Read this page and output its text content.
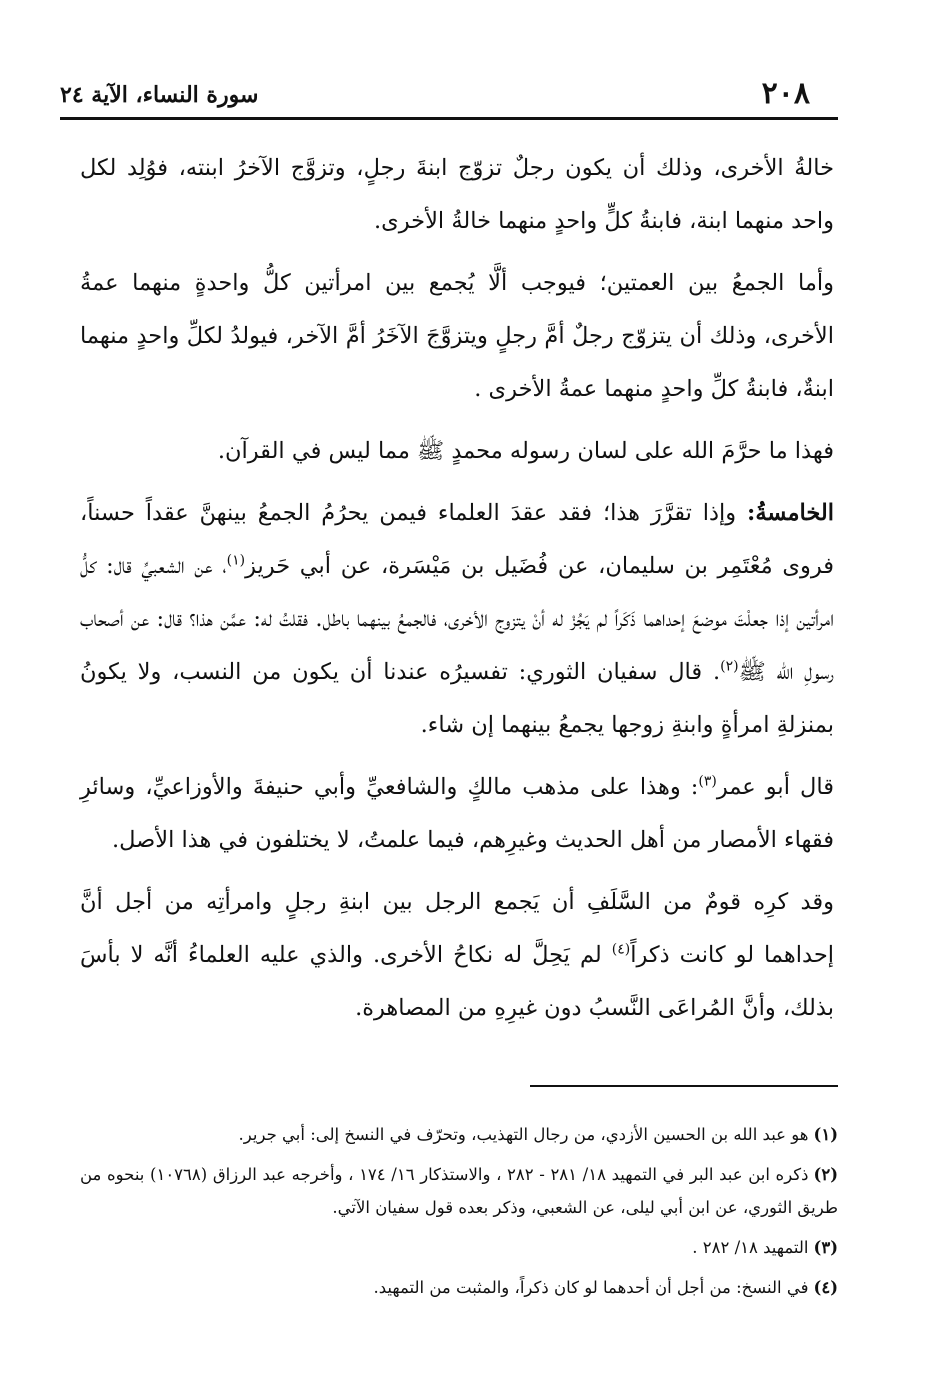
٢٠٨
سورة النساء، الآية ٢٤

خالةُ الأخرى، وذلك أن يكون رجلٌ تزوّج ابنةَ رجلٍ، وتزوَّج الآخرُ ابنته، فوُلِد لكل واحد منهما ابنة، فابنةُ كلٍّ واحدٍ منهما خالةُ الأخرى.

وأما الجمعُ بين العمتين؛ فيوجب ألَّا يُجمع بين امرأتين كلُّ واحدةٍ منهما عمةُ الأخرى، وذلك أن يتزوّج رجلٌ أمَّ رجلٍ ويتزوَّجَ الآخَرُ أمَّ الآخر، فيولدُ لكلِّ واحدٍ منهما ابنةٌ، فابنةُ كلِّ واحدٍ منهما عمةُ الأخرى .

فهذا ما حرَّمَ الله على لسان رسوله محمدٍ ﷺ مما ليس في القرآن.

الخامسةُ: وإذا تقرَّرَ هذا؛ فقد عقدَ العلماء فيمن يحرُمُ الجمعُ بينهنَّ عقداً حسناً، فروى مُعْتَمِر بن سليمان، عن فُضَيل بن مَيْسَرة، عن أبي حَريز$^{(١)}$، عن الشعبيِّ قال: كلُّ امرأتين إذا جعلْتَ موضعَ إحداهما ذَكَراً لم يَجُزْ له أنْ يتزوج الأخرى، فالجمعُ بينهما باطل. فقلتُ له: عمَّن هذا؟ قال: عن أصحاب رسولِ الله ﷺ$^{(٢)}$. قال سفيان الثوري: تفسيرُه عندنا أن يكون من النسب، ولا يكونُ بمنزلةِ امرأةٍ وابنةِ زوجها يجمعُ بينهما إن شاء.

قال أبو عمر$^{(٣)}$: وهذا على مذهب مالكٍ والشافعيِّ وأبي حنيفةَ والأوزاعيِّ، وسائرِ فقهاء الأمصار من أهل الحديث وغيرِهم، فيما علمتُ، لا يختلفون في هذا الأصل.

وقد كرِه قومٌ من السَّلَفِ أن يَجمع الرجل بين ابنةِ رجلٍ وامرأتِه من أجل أنَّ إحداهما لو كانت ذكراً$^{(٤)}$ لم يَحِلَّ له نكاحُ الأخرى. والذي عليه العلماءُ أنَّه لا بأسَ بذلك، وأنَّ المُراعَى النَّسبُ دون غيرِهِ من المصاهرة.

(١)هو عبد الله بن الحسين الأزدي، من رجال التهذيب، وتحرّف في النسخ إلى: أبي جرير.

(٢)ذكره ابن عبد البر في التمهيد ١٨/ ٢٨١ - ٢٨٢ ، والاستذكار ١٦/ ١٧٤ ، وأخرجه عبد الرزاق (١٠٧٦٨) بنحوه من طريق الثوري، عن ابن أبي ليلى، عن الشعبي، وذكر بعده قول سفيان الآتي.

(٣)التمهيد ١٨/ ٢٨٢ .

(٤)في النسخ: من أجل أن أحدهما لو كان ذكراً، والمثبت من التمهيد.
